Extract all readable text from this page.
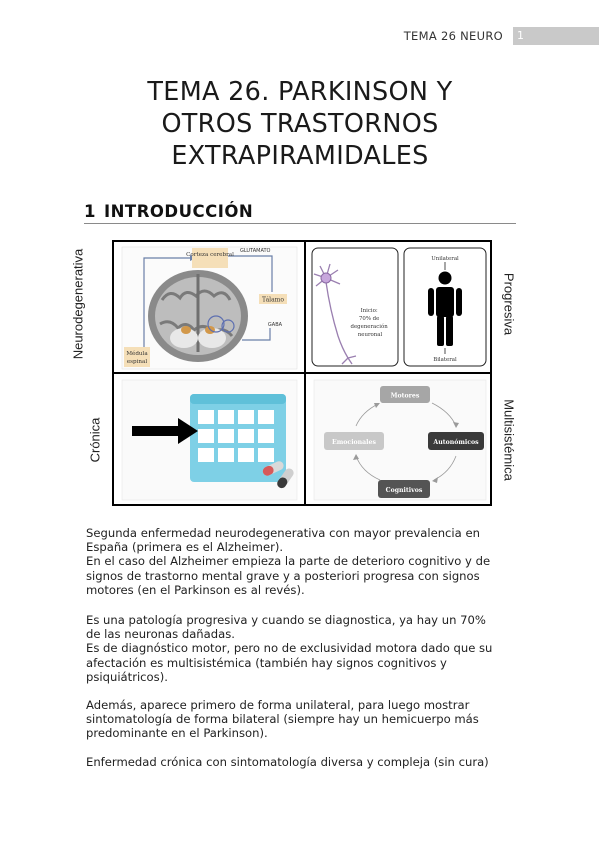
TEMA 26 NEURO	1
TEMA 26. PARKINSON Y
OTROS TRASTORNOS
EXTRAPIRAMIDALES
1 INTRODUCCIÓN
Neurodegenerativa
Crónica
Progresiva
Multisistémica
Corteza cerebral
GLUTAMATO
Tálamo
GABA
Médula
espinal
Inicio: 70% de degeneración neuronal
Unilateral
Bilateral
Motores
Autonómicos
Cognitivos
Emocionales

Segunda enfermedad neurodegenerativa con mayor prevalencia en

España (primera es el Alzheimer).

En el caso del Alzheimer empieza la parte de deterioro cognitivo y de

signos de trastorno mental grave y a posteriori progresa con signos

motores (en el Parkinson es al revés).

Es una patología progresiva y cuando se diagnostica, ya hay un 70%

de las neuronas dañadas.

Es de diagnóstico motor, pero no de exclusividad motora dado que su

afectación es multisistémica (también hay signos cognitivos y

psiquiátricos).

Además, aparece primero de forma unilateral, para luego mostrar

sintomatología de forma bilateral (siempre hay un hemicuerpo más

predominante en el Parkinson).

Enfermedad crónica con sintomatología diversa y compleja (sin cura)
